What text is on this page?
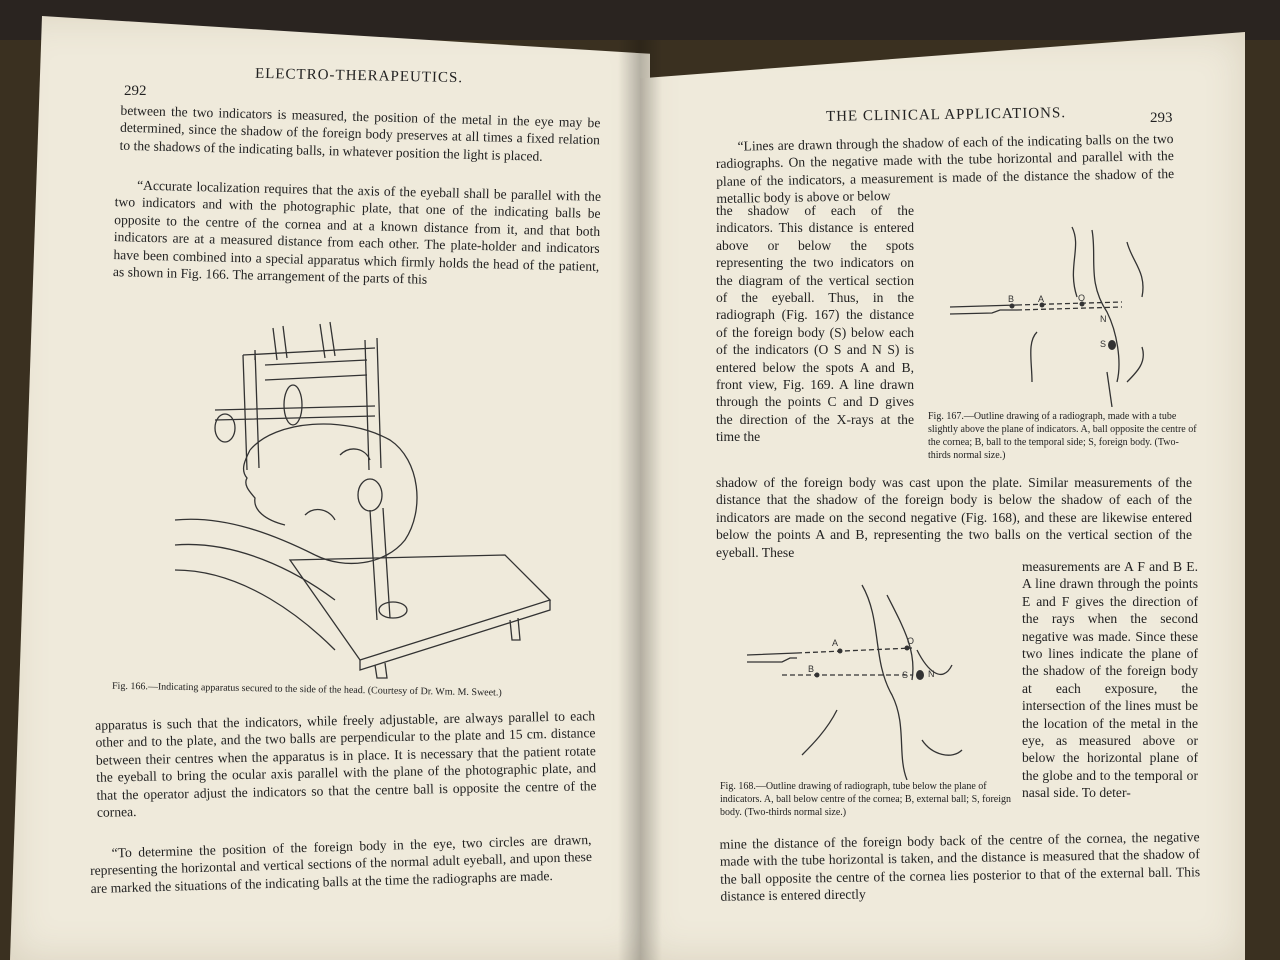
292
ELECTRO-THERAPEUTICS.

between the two indicators is measured, the position of the metal in the eye may be determined, since the shadow of the foreign body preserves at all times a fixed relation to the shadows of the indicating balls, in whatever position the light is placed.

“Accurate localization requires that the axis of the eyeball shall be parallel with the two indicators and with the photographic plate, that one of the indicating balls be opposite to the centre of the cornea and at a known distance from it, and that both indicators are at a measured distance from each other. The plate-holder and indicators have been combined into a special apparatus which firmly holds the head of the patient, as shown in Fig. 166. The arrangement of the parts of this

Fig. 166.—Indicating apparatus secured to the side of the head. (Courtesy of Dr. Wm. M. Sweet.)

apparatus is such that the indicators, while freely adjustable, are always parallel to each other and to the plate, and the two balls are perpendicular to the plate and 15 cm. distance between their centres when the apparatus is in place. It is necessary that the patient rotate the eyeball to bring the ocular axis parallel with the plane of the photographic plate, and that the operator adjust the indicators so that the centre ball is opposite the centre of the cornea.

“To determine the position of the foreign body in the eye, two circles are drawn, representing the horizontal and vertical sections of the normal adult eyeball, and upon these are marked the situations of the indicating balls at the time the radiographs are made.

THE CLINICAL APPLICATIONS.	293

“Lines are drawn through the shadow of each of the indicating balls on the two radiographs. On the negative made with the tube horizontal and parallel with the plane of the indicators, a measurement is made of the distance the shadow of the metallic body is above or below

the shadow of each of the indicators. This distance is entered above or below the spots representing the two indicators on the diagram of the vertical section of the eyeball. Thus, in the radiograph (Fig. 167) the distance of the foreign body (S) below each of the indicators (O S and N S) is entered below the spots A and B, front view, Fig. 169. A line drawn through the points C and D gives the direction of the X-rays at the time the

B	A	O
N
S
Fig. 167.—Outline drawing of a radiograph, made with a tube slightly above the plane of indicators. A, ball opposite the centre of the cornea; B, ball to the temporal side; S, foreign body. (Two-thirds normal size.)

shadow of the foreign body was cast upon the plate. Similar measurements of the distance that the shadow of the foreign body is below the shadow of each of the indicators are made on the second negative (Fig. 168), and these are likewise entered below the points A and B, representing the two balls on the vertical section of the eyeball. These

measurements are A F and B E. A line drawn through the points E and F gives the direction of the rays when the second negative was made. Since these two lines indicate the plane of the shadow of the foreign body at each exposure, the intersection of the lines must be the location of the metal in the eye, as measured above or below the horizontal plane of the globe and to the temporal or nasal side. To deter-

A
B
O
N
S
Fig. 168.—Outline drawing of radiograph, tube below the plane of indicators. A, ball below centre of the cornea; B, external ball; S, foreign body. (Two-thirds normal size.)

mine the distance of the foreign body back of the centre of the cornea, the negative made with the tube horizontal is taken, and the distance is measured that the shadow of the ball opposite the centre of the cornea lies posterior to that of the external ball. This distance is entered directly
